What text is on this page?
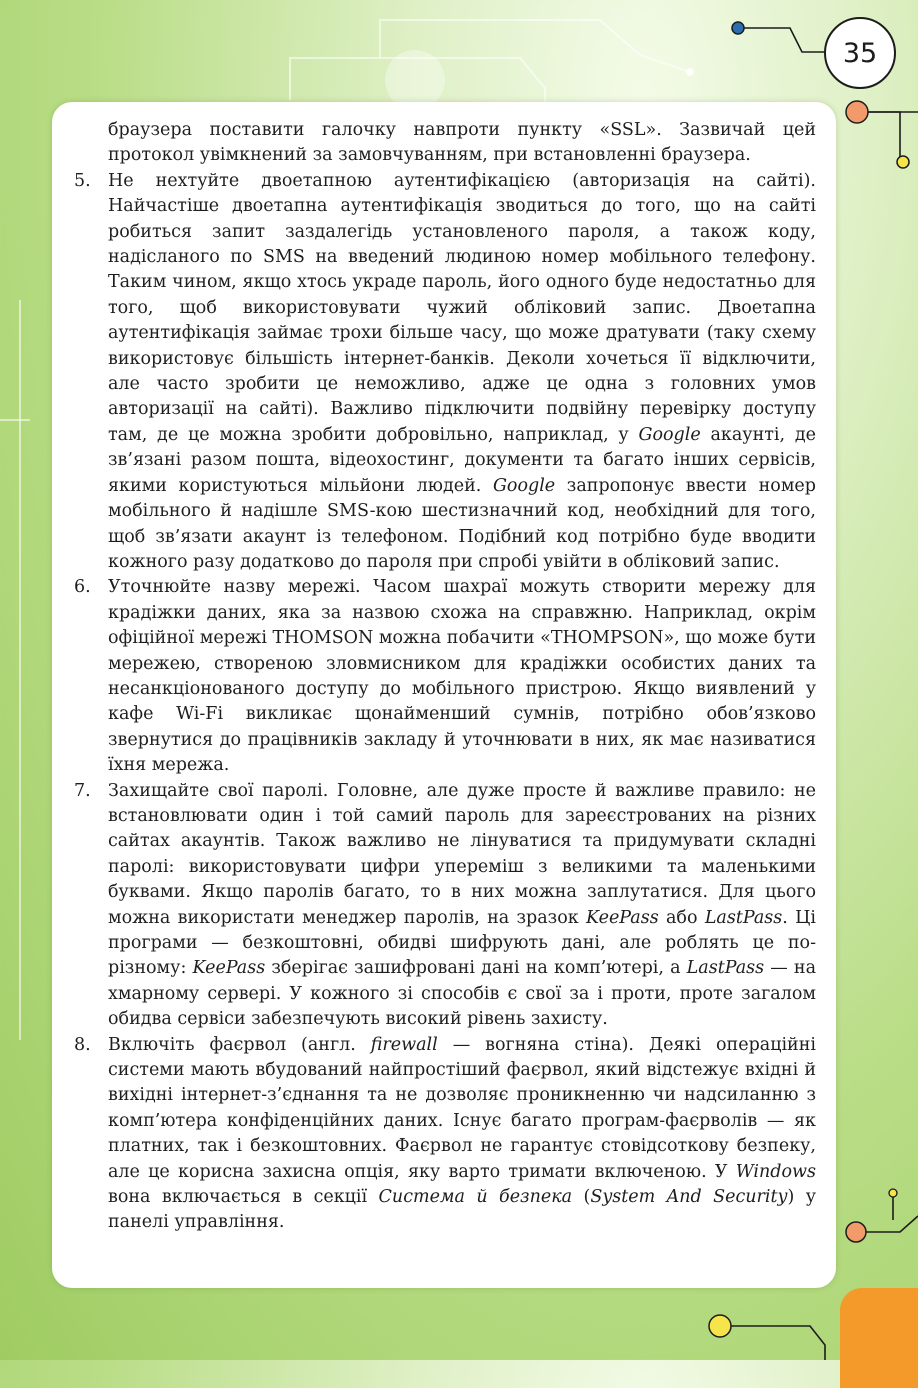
35
браузера поставити галочку навпроти пункту «SSL». Зазвичай цей протокол увімкнений за замовчуванням, при встановленні браузера.
5. Не нехтуйте двоетапною аутентифікацією (авторизація на сайті). Найчастіше двоетапна аутентифікація зводиться до того, що на сайті робиться запит заздалегідь установленого пароля, а також коду, надісланого по SMS на введений людиною номер мобільного телефону. Таким чином, якщо хтось украде пароль, його одного буде недостатньо для того, щоб використовувати чужий обліковий запис. Двоетапна аутентифікація займає трохи більше часу, що може дратувати (таку схему використовує більшість інтернет-банків. Деколи хочеться її відключити, але часто зробити це неможливо, адже це одна з головних умов авторизації на сайті). Важливо підключити подвійну перевірку доступу там, де це можна зробити добровільно, наприклад, у Google акаунті, де зв’язані разом пошта, відеохостинг, документи та багато інших сервісів, якими користуються мільйони людей. Google запропонує ввести номер мобільного й надішле SMS-кою шестизначний код, необхідний для того, щоб зв’язати акаунт із телефоном. Подібний код потрібно буде вводити кожного разу додатково до пароля при спробі увійти в обліковий запис.
6. Уточнюйте назву мережі. Часом шахраї можуть створити мережу для крадіжки даних, яка за назвою схожа на справжню. Наприклад, окрім офіційної мережі THOMSON можна побачити «THOMPSON», що може бути мережею, створеною зловмисником для крадіжки особистих даних та несанкціонованого доступу до мобільного пристрою. Якщо виявлений у кафе Wi-Fi викликає щонайменший сумнів, потрібно обов’язково звернутися до працівників закладу й уточнювати в них, як має називатися їхня мережа.
7. Захищайте свої паролі. Головне, але дуже просте й важливе правило: не встановлювати один і той самий пароль для зареєстрованих на різних сайтах акаунтів. Також важливо не лінуватися та придумувати складні паролі: використовувати цифри упереміш з великими та маленькими буквами. Якщо паролів багато, то в них можна заплутатися. Для цього можна використати менеджер паролів, на зразок KeePass або LastPass. Ці програми — безкоштовні, обидві шифрують дані, але роблять це по-різному: KeePass зберігає зашифровані дані на комп’ютері, а LastPass — на хмарному сервері. У кожного зі способів є свої за і проти, проте загалом обидва сервіси забезпечують високий рівень захисту.
8. Включіть фаєрвол (англ. firewall — вогняна стіна). Деякі операційні системи мають вбудований найпростіший фаєрвол, який відстежує вхідні й вихідні інтернет-з’єднання та не дозволяє проникненню чи надсиланню з комп’ютера конфіденційних даних. Існує багато програм-фаєрволів — як платних, так і безкоштовних. Фаєрвол не гарантує стовідсоткову безпеку, але це корисна захисна опція, яку варто тримати включеною. У Windows вона включається в секції Система й безпека (System And Security) у панелі управління.
